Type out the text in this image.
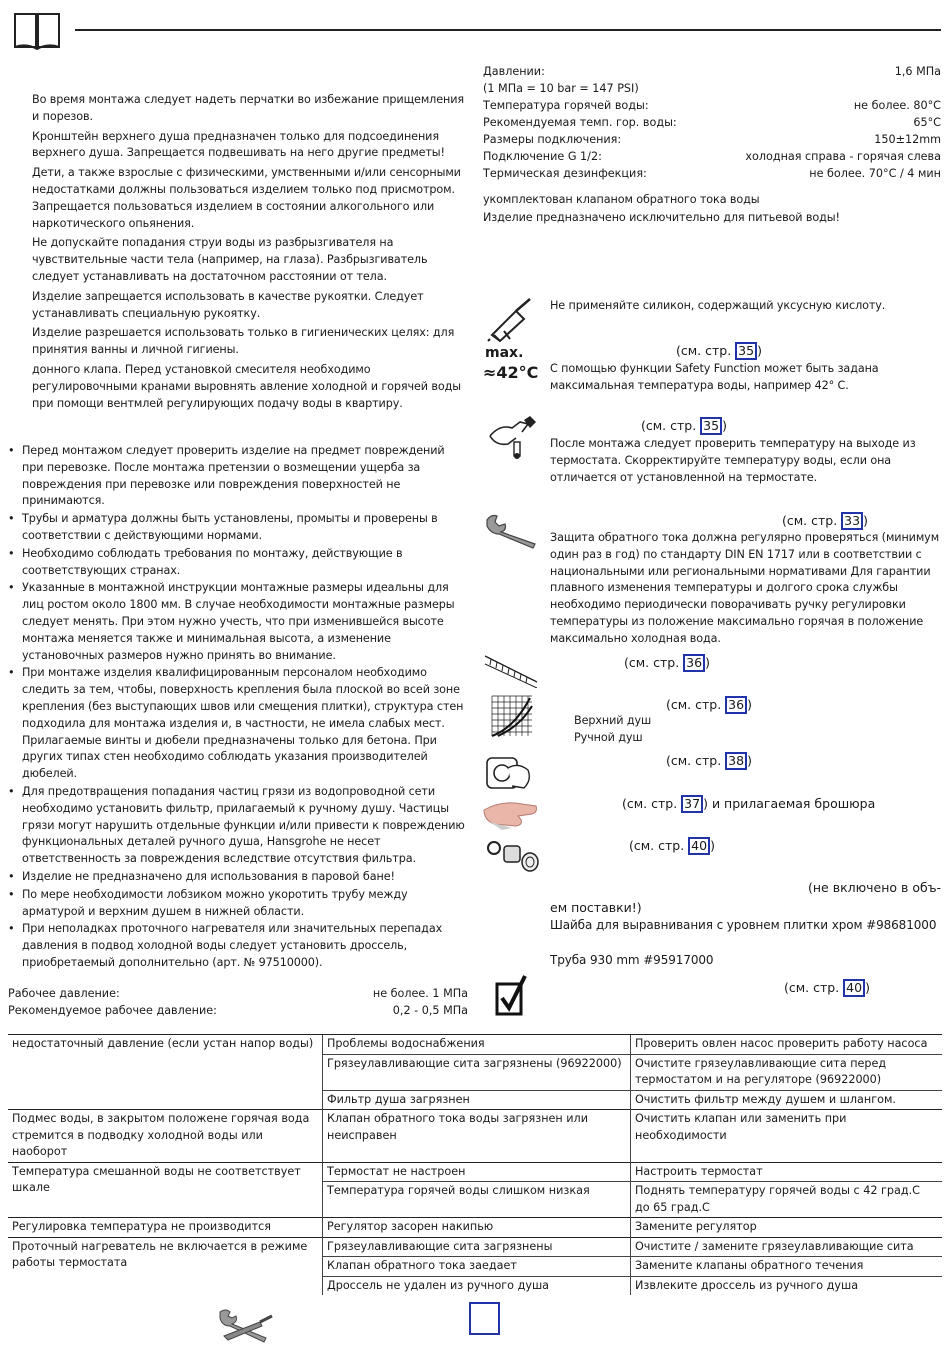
Во время монтажа следует надеть перчатки во избежание прищемления и порезов.

Кронштейн верхнего душа предназначен только для подсоединения верхнего душа. Запрещается подвешивать на него другие предметы!

Дети, а также взрослые с физическими, умственными и/или сенсорными недостатками должны пользоваться изделием только под присмотром. Запрещается пользоваться изделием в состоянии алкогольного или наркотического опьянения.

Не допускайте попадания струи воды из разбрызгивателя на чувствительные части тела (например, на глаза). Разбрызгиватель следует устанавливать на достаточном расстоянии от тела.

Изделие запрещается использовать в качестве рукоятки. Следует устанавливать специальную рукоятку.

Изделие разрешается использовать только в гигиенических целях: для принятия ванны и личной гигиены.

донного клапа. Перед установкой смесителя необходимо регулировочными кранами выровнять авление холодной и горячей воды при помощи вентмлей регулирующих подачу воды в квартиру.

• Перед монтажом следует проверить изделие на предмет повреждений при перевозке. После монтажа претензии о возмещении ущерба за повреждения при перевозке или повреждения поверхностей не принимаются.
• Трубы и арматура должны быть установлены, промыты и проверены в соответствии с действующими нормами.
• Необходимо соблюдать требования по монтажу, действующие в соответствующих странах.
• Указанные в монтажной инструкции монтажные размеры идеальны для лиц ростом около 1800 мм. В случае необходимости монтажные размеры следует менять. При этом нужно учесть, что при изменившейся высоте монтажа меняется также и минимальная высота, а изменение установочных размеров нужно принять во внимание.
• При монтаже изделия квалифицированным персоналом необходимо следить за тем, чтобы, поверхность крепления была плоской во всей зоне крепления (без выступающих швов или смещения плитки), структура стен подходила для монтажа изделия и, в частности, не имела слабых мест. Прилагаемые винты и дюбели предназначены только для бетона. При других типах стен необходимо соблюдать указания производителей дюбелей.
• Для предотвращения попадания частиц грязи из водопроводной сети необходимо установить фильтр, прилагаемый к ручному душу. Частицы грязи могут нарушить отдельные функции и/или привести к повреждению функциональных деталей ручного душа, Hansgrohe не несет ответственность за повреждения вследствие отсутствия фильтра.
• Изделие не предназначено для использования в паровой бане!
• По мере необходимости лобзиком можно укоротить трубу между арматурой и верхним душем в нижней области.
• При неполадках проточного нагревателя или значительных перепадах давления в подвод холодной воды следует установить дроссель, приобретаемый дополнительно (арт. № 97510000).
Рабочее давление:	не более. 1 МПа
Рекомендуемое рабочее давление:	0,2 - 0,5 МПа
Давлении:	1,6 МПа
(1 МПа = 10 bar = 147 PSI)
Температура горячей воды:	не более. 80°C
Рекомендуемая темп. гор. воды:	65°C
Размеры подключения:	150±12mm
Подключение G 1/2:	холодная справа - горячая слева
Термическая дезинфекция:	не более. 70°C / 4 мин
укомплектован клапаном обратного тока воды
Изделие предназначено исключительно для питьевой воды!
Не применяйте силикон, содержащий уксусную кислоту.
max.
≈42°C
(см. стр. 35 )
С помощью функции Safety Function может быть задана максимальная температура воды, например 42° C.
(см. стр. 35 )
После монтажа следует проверить температуру на выходе из термостата. Скорректируйте температуру воды, если она отличается от установленной на термостате.
(см. стр. 33 )
Защита обратного тока должна регулярно проверяться (минимум один раз в год) по стандарту DIN EN 1717 или в соответствии с национальными или региональными нормативами Для гарантии плавного изменения температуры и долгого срока службы необходимо периодически поворачивать ручку регулировки температуры из положение максимально горячая в положение максимально холодная вода.
(см. стр. 36 )
(см. стр. 36 )
Верхний душ
Ручной душ
(см. стр. 38 )
(см. стр. 37 ) и прилагаемая брошюра
(см. стр. 40 )
(не включено в объ-
ем поставки!)
Шайба для выравнивания с уровнем плитки хром #98681000
Труба 930 mm #95917000
(см. стр. 40 )
недостаточный давление (если устан напор воды)	Проблемы водоснабжения	Проверить овлен насос проверить работу насоса
	Грязеулавливающие сита загрязнены (96922000)	Очистите грязеулавливающие сита перед термостатом и на регуляторе (96922000)
	Фильтр душа загрязнен	Очистить фильтр между душем и шлангом.
Подмес воды, в закрытом положене горячая вода стремится в подводку холодной воды или наоборот	Клапан обратного тока воды загрязнен или неисправен	Очистить клапан или заменить при необходимости
Температура смешанной воды не соответствует шкале	Термостат не настроен	Настроить термостат
	Температура горячей воды слишком низкая	Поднять температуру горячей воды с 42 град.С до 65 град.С
Регулировка температура не производится	Регулятор засорен накипью	Замените регулятор
Проточный нагреватель не включается в режиме работы термостата	Грязеулавливающие сита загрязнены	Очистите / замените грязеулавливающие сита
	Клапан обратного тока заедает	Замените клапаны обратного течения
	Дроссель не удален из ручного душа	Извлеките дроссель из ручного душа
